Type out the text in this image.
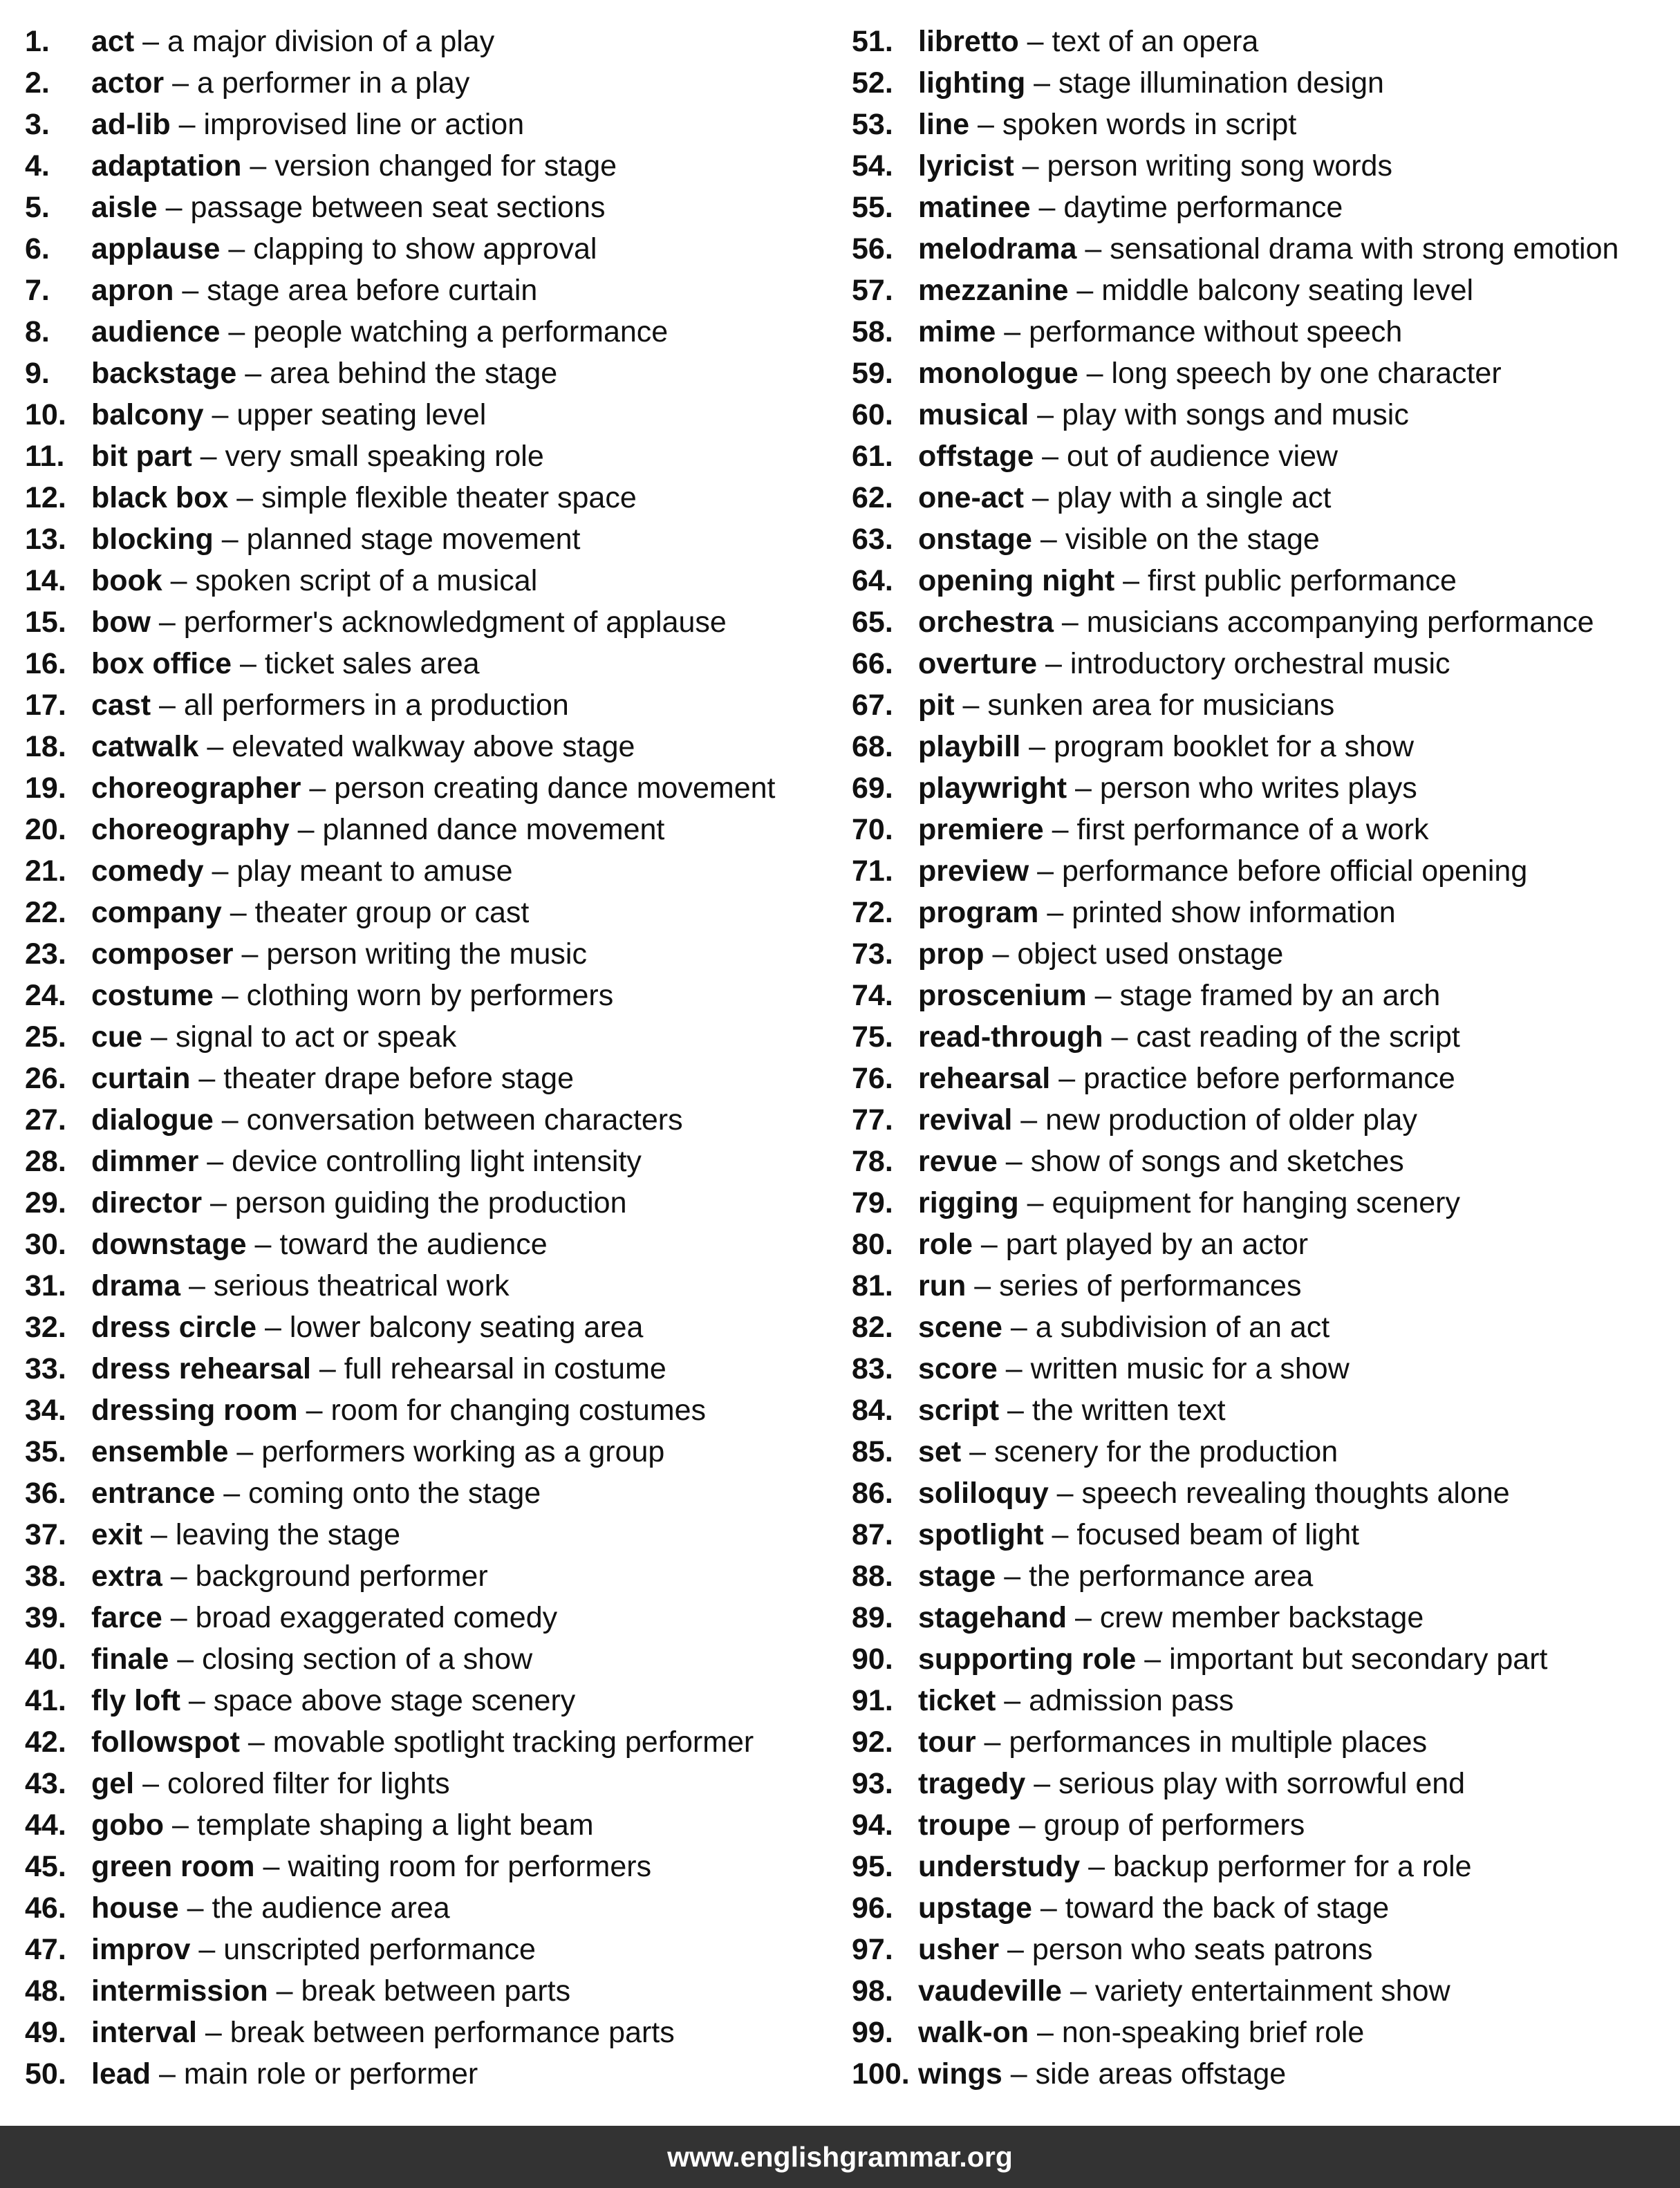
1. act – a major division of a play
2. actor – a performer in a play
3. ad-lib – improvised line or action
4. adaptation – version changed for stage
5. aisle – passage between seat sections
6. applause – clapping to show approval
7. apron – stage area before curtain
8. audience – people watching a performance
9. backstage – area behind the stage
10. balcony – upper seating level
11. bit part – very small speaking role
12. black box – simple flexible theater space
13. blocking – planned stage movement
14. book – spoken script of a musical
15. bow – performer's acknowledgment of applause
16. box office – ticket sales area
17. cast – all performers in a production
18. catwalk – elevated walkway above stage
19. choreographer – person creating dance movement
20. choreography – planned dance movement
21. comedy – play meant to amuse
22. company – theater group or cast
23. composer – person writing the music
24. costume – clothing worn by performers
25. cue – signal to act or speak
26. curtain – theater drape before stage
27. dialogue – conversation between characters
28. dimmer – device controlling light intensity
29. director – person guiding the production
30. downstage – toward the audience
31. drama – serious theatrical work
32. dress circle – lower balcony seating area
33. dress rehearsal – full rehearsal in costume
34. dressing room – room for changing costumes
35. ensemble – performers working as a group
36. entrance – coming onto the stage
37. exit – leaving the stage
38. extra – background performer
39. farce – broad exaggerated comedy
40. finale – closing section of a show
41. fly loft – space above stage scenery
42. followspot – movable spotlight tracking performer
43. gel – colored filter for lights
44. gobo – template shaping a light beam
45. green room – waiting room for performers
46. house – the audience area
47. improv – unscripted performance
48. intermission – break between parts
49. interval – break between performance parts
50. lead – main role or performer
51. libretto – text of an opera
52. lighting – stage illumination design
53. line – spoken words in script
54. lyricist – person writing song words
55. matinee – daytime performance
56. melodrama – sensational drama with strong emotion
57. mezzanine – middle balcony seating level
58. mime – performance without speech
59. monologue – long speech by one character
60. musical – play with songs and music
61. offstage – out of audience view
62. one-act – play with a single act
63. onstage – visible on the stage
64. opening night – first public performance
65. orchestra – musicians accompanying performance
66. overture – introductory orchestral music
67. pit – sunken area for musicians
68. playbill – program booklet for a show
69. playwright – person who writes plays
70. premiere – first performance of a work
71. preview – performance before official opening
72. program – printed show information
73. prop – object used onstage
74. proscenium – stage framed by an arch
75. read-through – cast reading of the script
76. rehearsal – practice before performance
77. revival – new production of older play
78. revue – show of songs and sketches
79. rigging – equipment for hanging scenery
80. role – part played by an actor
81. run – series of performances
82. scene – a subdivision of an act
83. score – written music for a show
84. script – the written text
85. set – scenery for the production
86. soliloquy – speech revealing thoughts alone
87. spotlight – focused beam of light
88. stage – the performance area
89. stagehand – crew member backstage
90. supporting role – important but secondary part
91. ticket – admission pass
92. tour – performances in multiple places
93. tragedy – serious play with sorrowful end
94. troupe – group of performers
95. understudy – backup performer for a role
96. upstage – toward the back of stage
97. usher – person who seats patrons
98. vaudeville – variety entertainment show
99. walk-on – non-speaking brief role
100. wings – side areas offstage
www.englishgrammar.org
